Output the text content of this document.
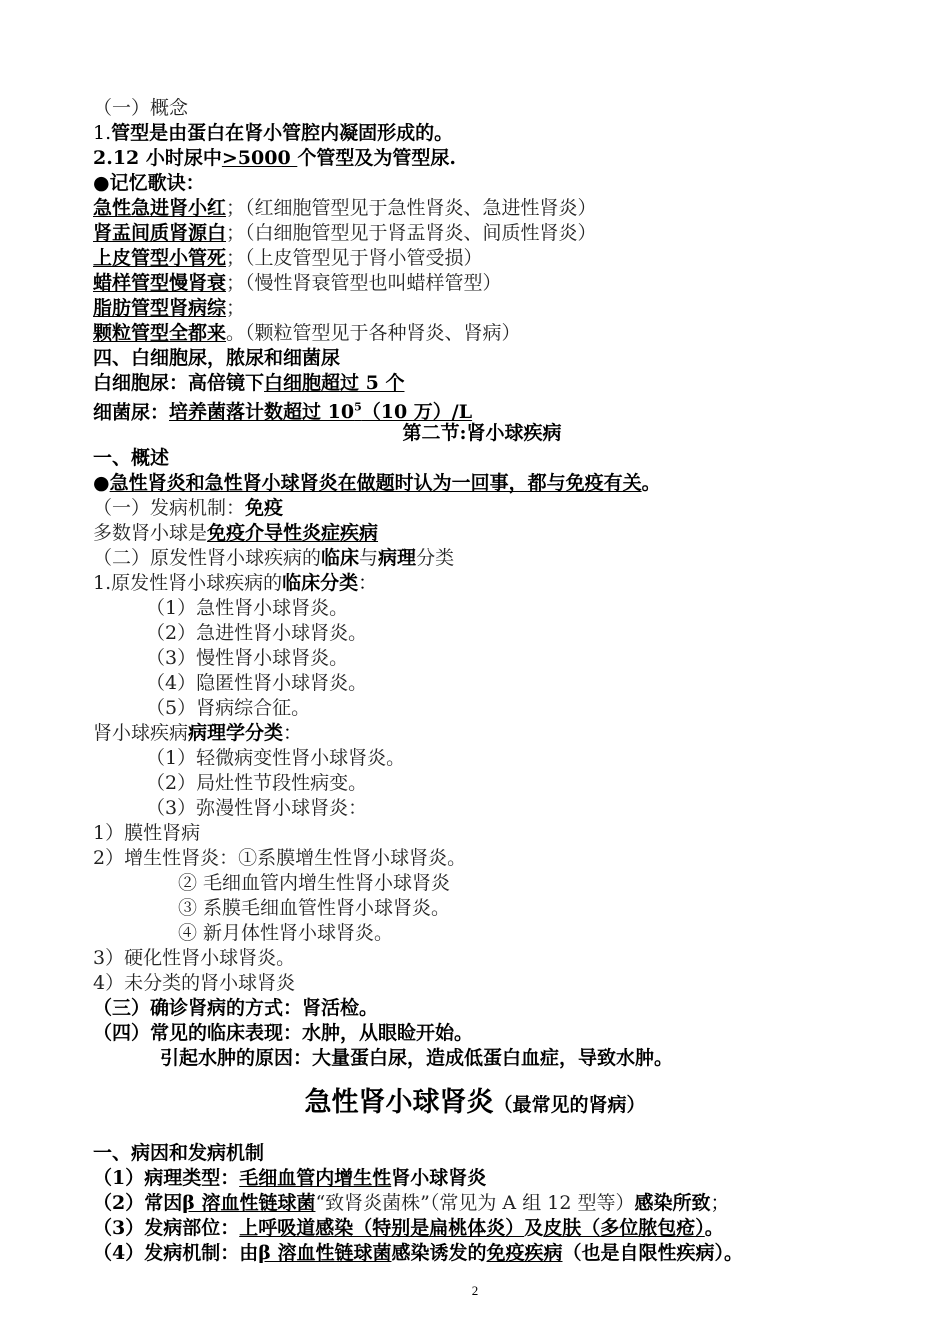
（一）概念
1.管型是由蛋白在肾小管腔内凝固形成的。
2.12 小时尿中>5000 个管型及为管型尿.
●记忆歌诀：
急性急进肾小红；（红细胞管型见于急性肾炎、急进性肾炎）
肾盂间质肾源白；（白细胞管型见于肾盂肾炎、间质性肾炎）
上皮管型小管死；（上皮管型见于肾小管受损）
蜡样管型慢肾衰；（慢性肾衰管型也叫蜡样管型）
脂肪管型肾病综；
颗粒管型全都来。（颗粒管型见于各种肾炎、肾病）
四、白细胞尿，脓尿和细菌尿
白细胞尿：高倍镜下白细胞超过 5 个
细菌尿：培养菌落计数超过 $10^5(10$ 万）/L
第二节:肾小球疾病
一、概述
●急性肾炎和急性肾小球肾炎在做题时认为一回事，都与免疫有关。
（一）发病机制：免疫
多数肾小球是免疫介导性炎症疾病
（二）原发性肾小球疾病的临床与病理分类
1.原发性肾小球疾病的临床分类：
（1）急性肾小球肾炎。
（2）急进性肾小球肾炎。
（3）慢性肾小球肾炎。
（4）隐匿性肾小球肾炎。
（5）肾病综合征。
肾小球疾病病理学分类：
（1）轻微病变性肾小球肾炎。
（2）局灶性节段性病变。
（3）弥漫性肾小球肾炎：
1）膜性肾病
2）增生性肾炎：①系膜增生性肾小球肾炎。
② 毛细血管内增生性肾小球肾炎
③ 系膜毛细血管性肾小球肾炎。
④ 新月体性肾小球肾炎。
3）硬化性肾小球肾炎。
4）未分类的肾小球肾炎
（三）确诊肾病的方式：肾活检。
（四）常见的临床表现：水肿，从眼睑开始。
引起水肿的原因：大量蛋白尿，造成低蛋白血症，导致水肿。
急性肾小球肾炎（最常见的肾病）
一、病因和发病机制
（1）病理类型：毛细血管内增生性肾小球肾炎
（2）常因β 溶血性链球菌“致肾炎菌株”（常见为 A 组 12 型等）感染所致；
（3）发病部位：上呼吸道感染（特别是扁桃体炎）及皮肤（多位脓包疮）。
（4）发病机制：由β 溶血性链球菌感染诱发的免疫疾病（也是自限性疾病）。
2
